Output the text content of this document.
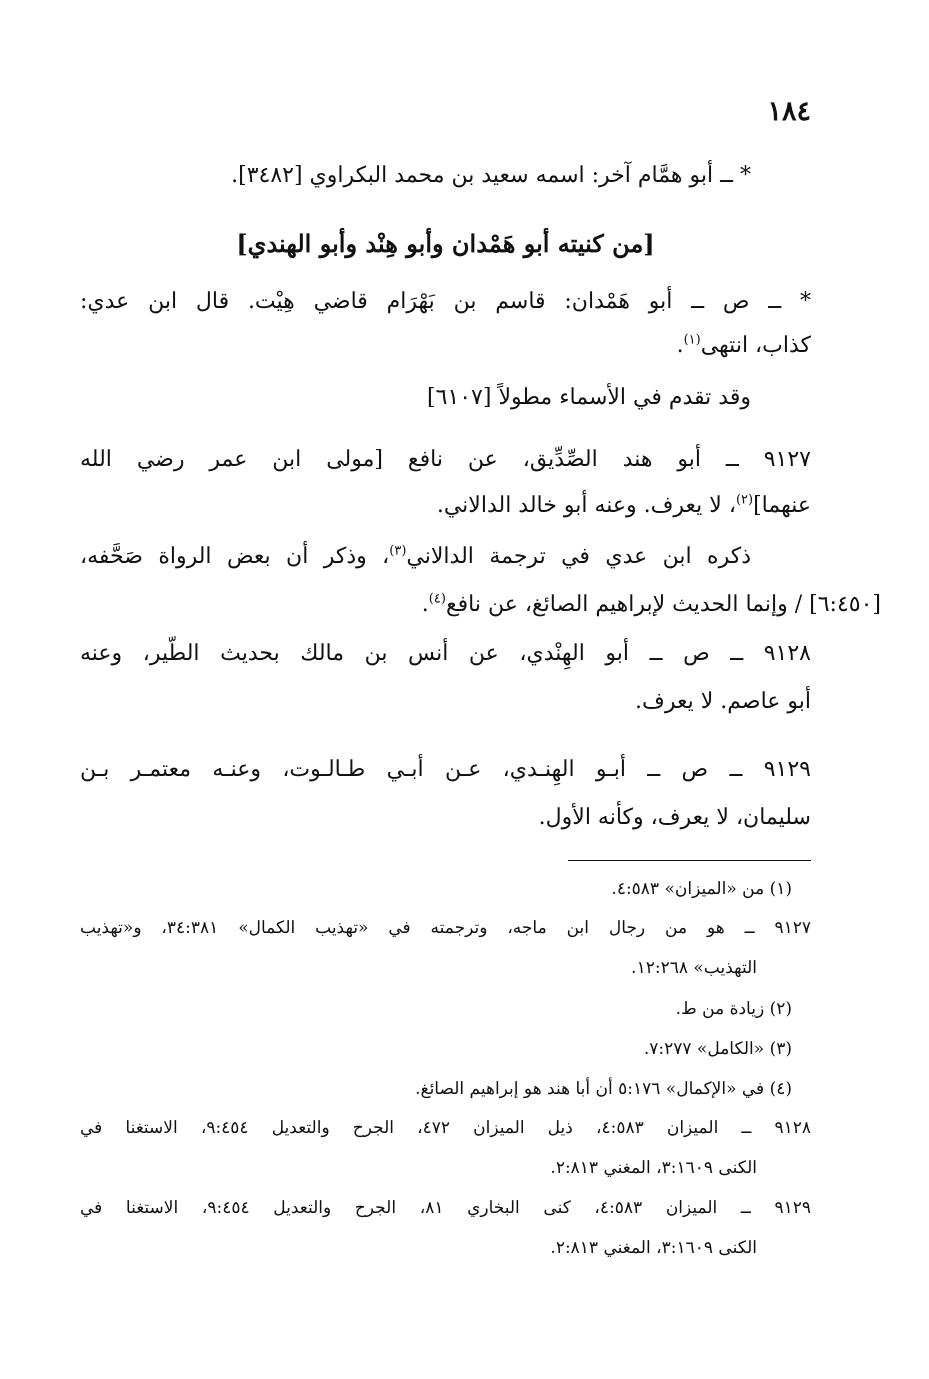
١٨٤
* ــ أبو همَّام آخر: اسمه سعيد بن محمد البكراوي [٣٤٨٢].
[من كنيته أبو هَمْدان وأبو هِنْد وأبو الهندي]
* ــ ص ــ أبو هَمْدان: قاسم بن بَهْرَام قاضي هِيْت. قال ابن عدي:
كذاب، انتهى$^{(١)}$.
وقد تقدم في الأسماء مطولاً [٦١٠٧]
٩١٢٧ ــ أبو هند الصِّدِّيق، عن نافع [مولى ابن عمر رضي الله
عنهما]$^{(٢)}$، لا يعرف. وعنه أبو خالد الدالاني.
ذكره ابن عدي في ترجمة الدالاني$^{(٣)}$، وذكر أن بعض الرواة صَحَّفه،
[٦:٤٥٠] / وإنما الحديث لإبراهيم الصائغ، عن نافع$^{(٤)}$.
٩١٢٨ ــ ص ــ أبو الهِنْدي، عن أنس بن مالك بحديث الطَّير، وعنه
أبو عاصم. لا يعرف.
٩١٢٩ ــ ص ــ أبـو الهِنـدي، عـن أبـي طـالـوت، وعنـه معتمـر بـن
سليمان، لا يعرف، وكأنه الأول.
(١) من «الميزان» ٤:٥٨٣.
٩١٢٧ ــ هو من رجال ابن ماجه، وترجمته في «تهذيب الكمال» ٣٤:٣٨١، و«تهذيب
التهذيب» ١٢:٢٦٨.
(٢) زيادة من ط.
(٣) «الكامل» ٧:٢٧٧.
(٤) في «الإكمال» ٥:١٧٦ أن أبا هند هو إبراهيم الصائغ.
٩١٢٨ ــ الميزان ٤:٥٨٣، ذيل الميزان ٤٧٢، الجرح والتعديل ٩:٤٥٤، الاستغنا في
الكنى ٣:١٦٠٩، المغني ٢:٨١٣.
٩١٢٩ ــ الميزان ٤:٥٨٣، كنى البخاري ٨١، الجرح والتعديل ٩:٤٥٤، الاستغنا في
الكنى ٣:١٦٠٩، المغني ٢:٨١٣.
